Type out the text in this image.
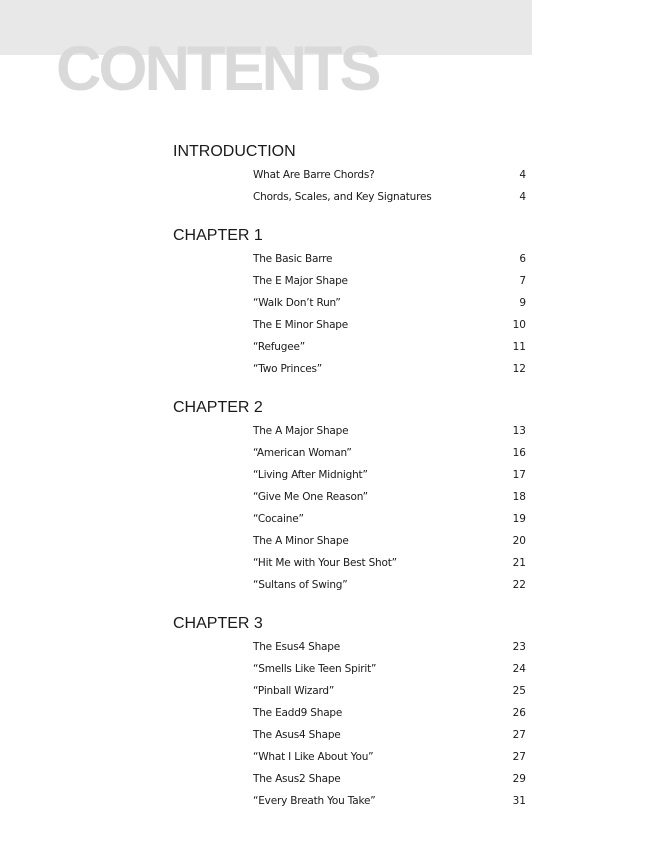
CONTENTS
INTRODUCTION
What Are Barre Chords?	4
Chords, Scales, and Key Signatures	4
CHAPTER 1
The Basic Barre	6
The E Major Shape	7
“Walk Don’t Run”	9
The E Minor Shape	10
“Refugee”	11
“Two Princes”	12
CHAPTER 2
The A Major Shape	13
“American Woman”	16
“Living After Midnight”	17
“Give Me One Reason”	18
“Cocaine”	19
The A Minor Shape	20
“Hit Me with Your Best Shot”	21
“Sultans of Swing”	22
CHAPTER 3
The Esus4 Shape	23
“Smells Like Teen Spirit”	24
“Pinball Wizard”	25
The Eadd9 Shape	26
The Asus4 Shape	27
“What I Like About You”	27
The Asus2 Shape	29
“Every Breath You Take”	31
